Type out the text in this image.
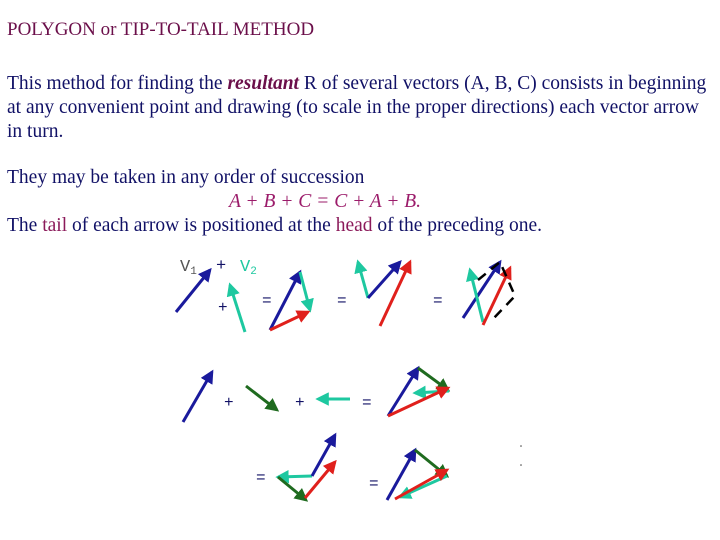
POLYGON or TIP-TO-TAIL METHOD

This method for finding the resultant R of several vectors (A, B, C) consists in beginning at any convenient point and drawing (to scale in the proper directions) each vector arrow in turn.

They may be taken in any order of succession
A + B + C = C + A + B.
The tail of each arrow is positioned at the head of the preceding one.

V1 + V2
+ =	=	=
+	+	=
=	=
